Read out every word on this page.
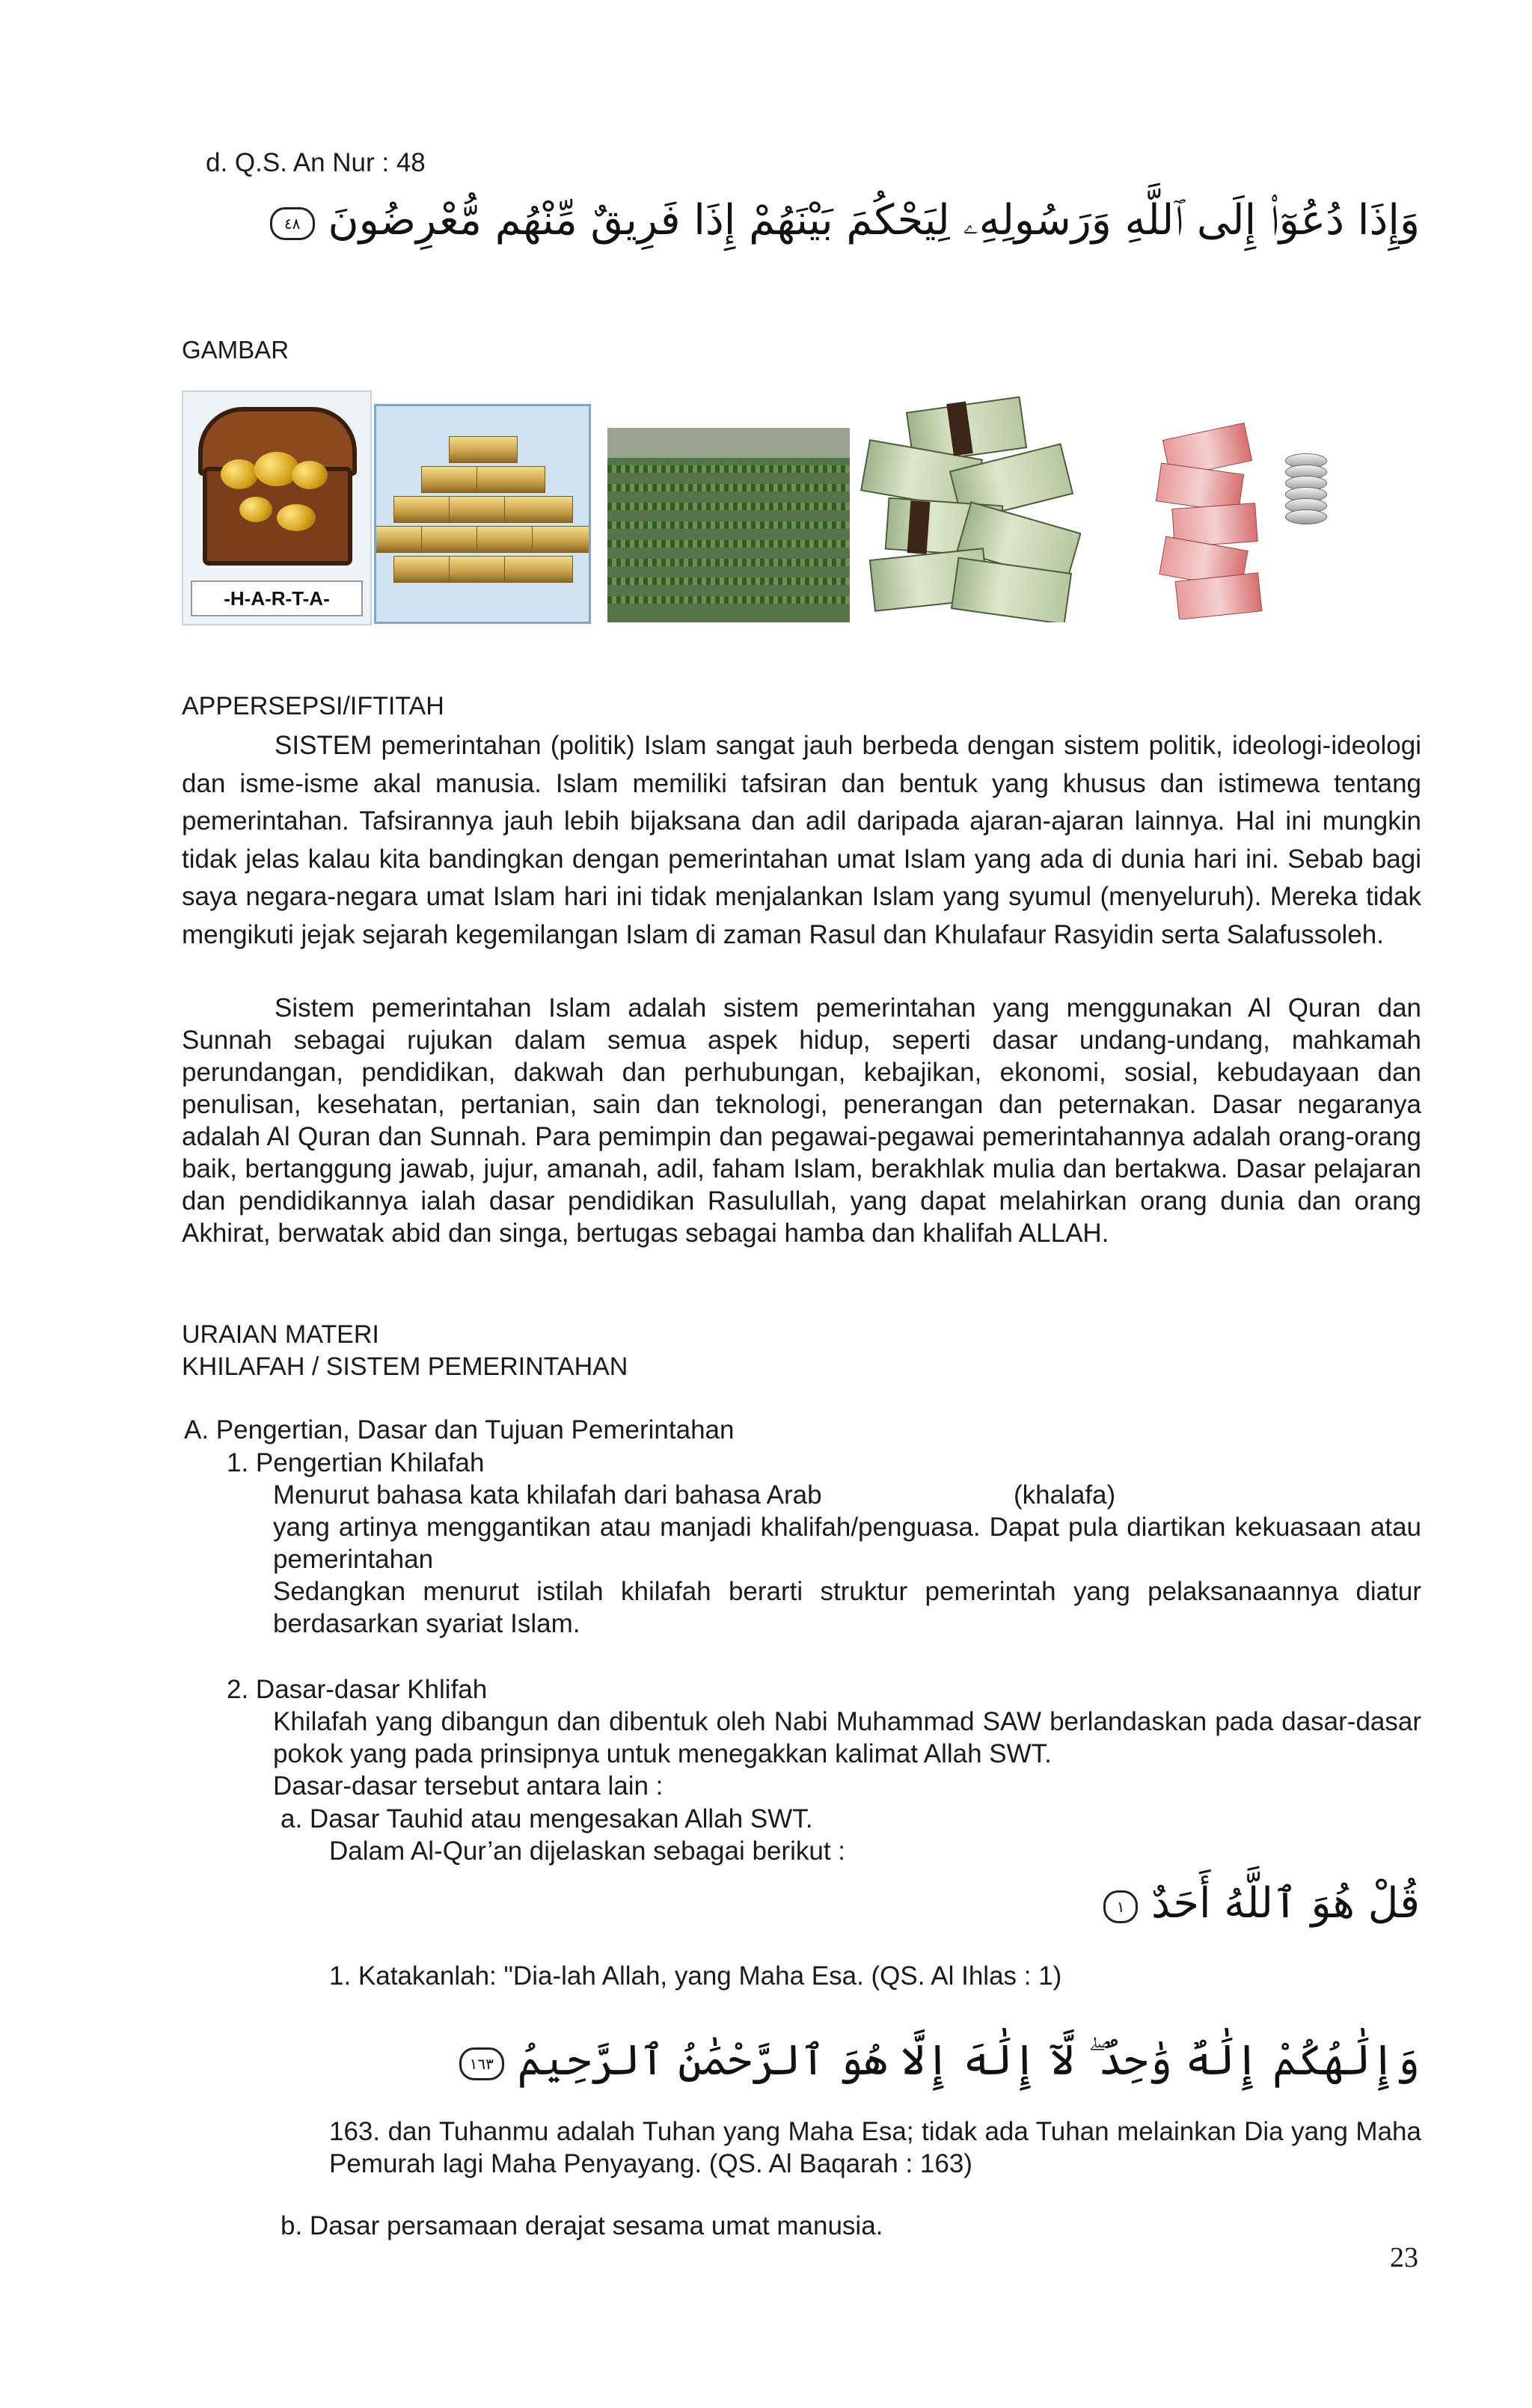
d. Q.S. An Nur : 48

وَإِذَا دُعُوٓا۟ إِلَى ٱللَّهِ وَرَسُولِهِۦ لِيَحْكُمَ بَيْنَهُمْ إِذَا فَرِيقٌ مِّنْهُم مُّعْرِضُونَ ٤٨

GAMBAR

-H-A-R-T-A-

APPERSEPSI/IFTITAH

SISTEM pemerintahan (politik) Islam sangat jauh berbeda dengan sistem politik, ideologi-ideologi dan isme-isme akal manusia. Islam memiliki tafsiran dan bentuk yang khusus dan istimewa tentang pemerintahan. Tafsirannya jauh lebih bijaksana dan adil daripada ajaran-ajaran lainnya. Hal ini mungkin tidak jelas kalau kita bandingkan dengan pemerintahan umat Islam yang ada di dunia hari ini. Sebab bagi saya negara-negara umat Islam hari ini tidak menjalankan Islam yang syumul (menyeluruh). Mereka tidak mengikuti jejak sejarah kegemilangan Islam di zaman Rasul dan Khulafaur Rasyidin serta Salafussoleh.

Sistem pemerintahan Islam adalah sistem pemerintahan yang menggunakan Al Quran dan Sunnah sebagai rujukan dalam semua aspek hidup, seperti dasar undang-undang, mahkamah perundangan, pendidikan, dakwah dan perhubungan, kebajikan, ekonomi, sosial, kebudayaan dan penulisan, kesehatan, pertanian, sain dan teknologi, penerangan dan peternakan. Dasar negaranya adalah Al Quran dan Sunnah. Para pemimpin dan pegawai-pegawai pemerintahannya adalah orang-orang baik, bertanggung jawab, jujur, amanah, adil, faham Islam, berakhlak mulia dan bertakwa. Dasar pelajaran dan pendidikannya ialah dasar pendidikan Rasulullah, yang dapat melahirkan orang dunia dan orang Akhirat, berwatak abid dan singa, bertugas sebagai hamba dan khalifah ALLAH.

URAIAN MATERI

KHILAFAH / SISTEM PEMERINTAHAN

A. Pengertian, Dasar dan Tujuan Pemerintahan

1. Pengertian Khilafah

Menurut bahasa kata khilafah dari bahasa Arab	(khalafa)

yang artinya menggantikan atau manjadi khalifah/penguasa. Dapat pula diartikan kekuasaan atau pemerintahan

Sedangkan menurut istilah khilafah berarti struktur pemerintah yang pelaksanaannya diatur berdasarkan syariat Islam.

2. Dasar-dasar Khlifah

Khilafah yang dibangun dan dibentuk oleh Nabi Muhammad SAW berlandaskan pada dasar-dasar pokok yang pada prinsipnya untuk menegakkan kalimat Allah SWT.

Dasar-dasar tersebut antara lain :

a. Dasar Tauhid atau mengesakan Allah SWT.

Dalam Al-Qur’an dijelaskan sebagai berikut :

قُلْ هُوَ ٱللَّهُ أَحَدٌ ١

1. Katakanlah: "Dia-lah Allah, yang Maha Esa. (QS. Al Ihlas : 1)

وَإِلَٰهُكُمْ إِلَٰهٌ وَٰحِدٌ ۖ لَّآ إِلَٰهَ إِلَّا هُوَ ٱلرَّحْمَٰنُ ٱلرَّحِيمُ ١٦٣

163. dan Tuhanmu adalah Tuhan yang Maha Esa; tidak ada Tuhan melainkan Dia yang Maha Pemurah lagi Maha Penyayang. (QS. Al Baqarah : 163)

b. Dasar persamaan derajat sesama umat manusia.

23
